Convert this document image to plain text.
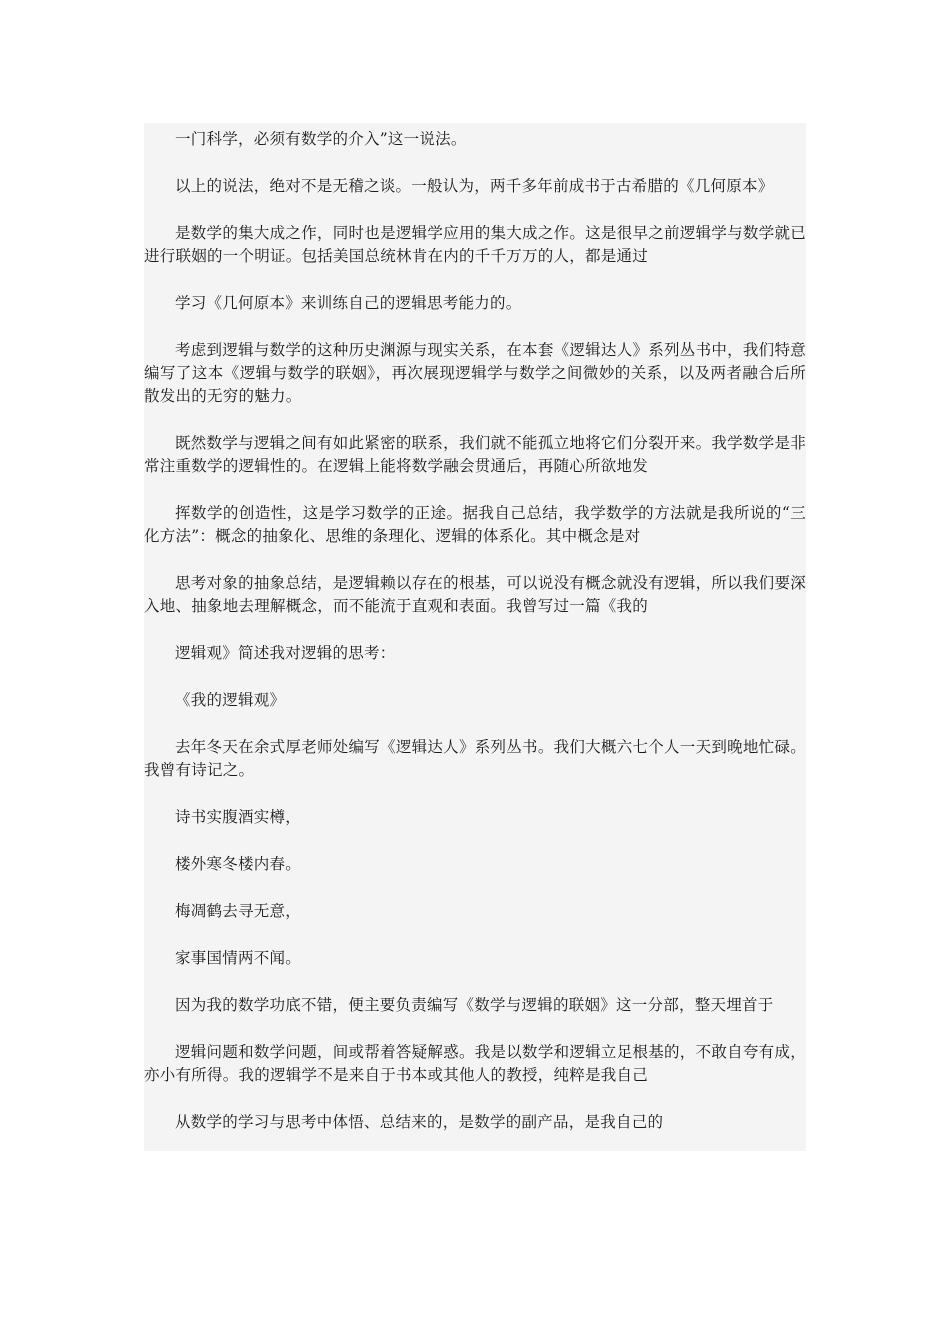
一门科学，必须有数学的介入”这一说法。

以上的说法，绝对不是无稽之谈。一般认为，两千多年前成书于古希腊的《几何原本》

是数学的集大成之作，同时也是逻辑学应用的集大成之作。这是很早之前逻辑学与数学就已进行联姻的一个明证。包括美国总统林肯在内的千千万万的人，都是通过

学习《几何原本》来训练自己的逻辑思考能力的。

考虑到逻辑与数学的这种历史渊源与现实关系，在本套《逻辑达人》系列丛书中，我们特意编写了这本《逻辑与数学的联姻》，再次展现逻辑学与数学之间微妙的关系，以及两者融合后所散发出的无穷的魅力。

既然数学与逻辑之间有如此紧密的联系，我们就不能孤立地将它们分裂开来。我学数学是非常注重数学的逻辑性的。在逻辑上能将数学融会贯通后，再随心所欲地发

挥数学的创造性，这是学习数学的正途。据我自己总结，我学数学的方法就是我所说的“三化方法”：概念的抽象化、思维的条理化、逻辑的体系化。其中概念是对

思考对象的抽象总结，是逻辑赖以存在的根基，可以说没有概念就没有逻辑，所以我们要深入地、抽象地去理解概念，而不能流于直观和表面。我曾写过一篇《我的

逻辑观》简述我对逻辑的思考：

《我的逻辑观》

去年冬天在余式厚老师处编写《逻辑达人》系列丛书。我们大概六七个人一天到晚地忙碌。我曾有诗记之。

诗书实腹酒实樽，

楼外寒冬楼内春。

梅凋鹤去寻无意，

家事国情两不闻。

因为我的数学功底不错，便主要负责编写《数学与逻辑的联姻》这一分部，整天埋首于

逻辑问题和数学问题，间或帮着答疑解惑。我是以数学和逻辑立足根基的，不敢自夸有成，亦小有所得。我的逻辑学不是来自于书本或其他人的教授，纯粹是我自己

从数学的学习与思考中体悟、总结来的，是数学的副产品，是我自己的
